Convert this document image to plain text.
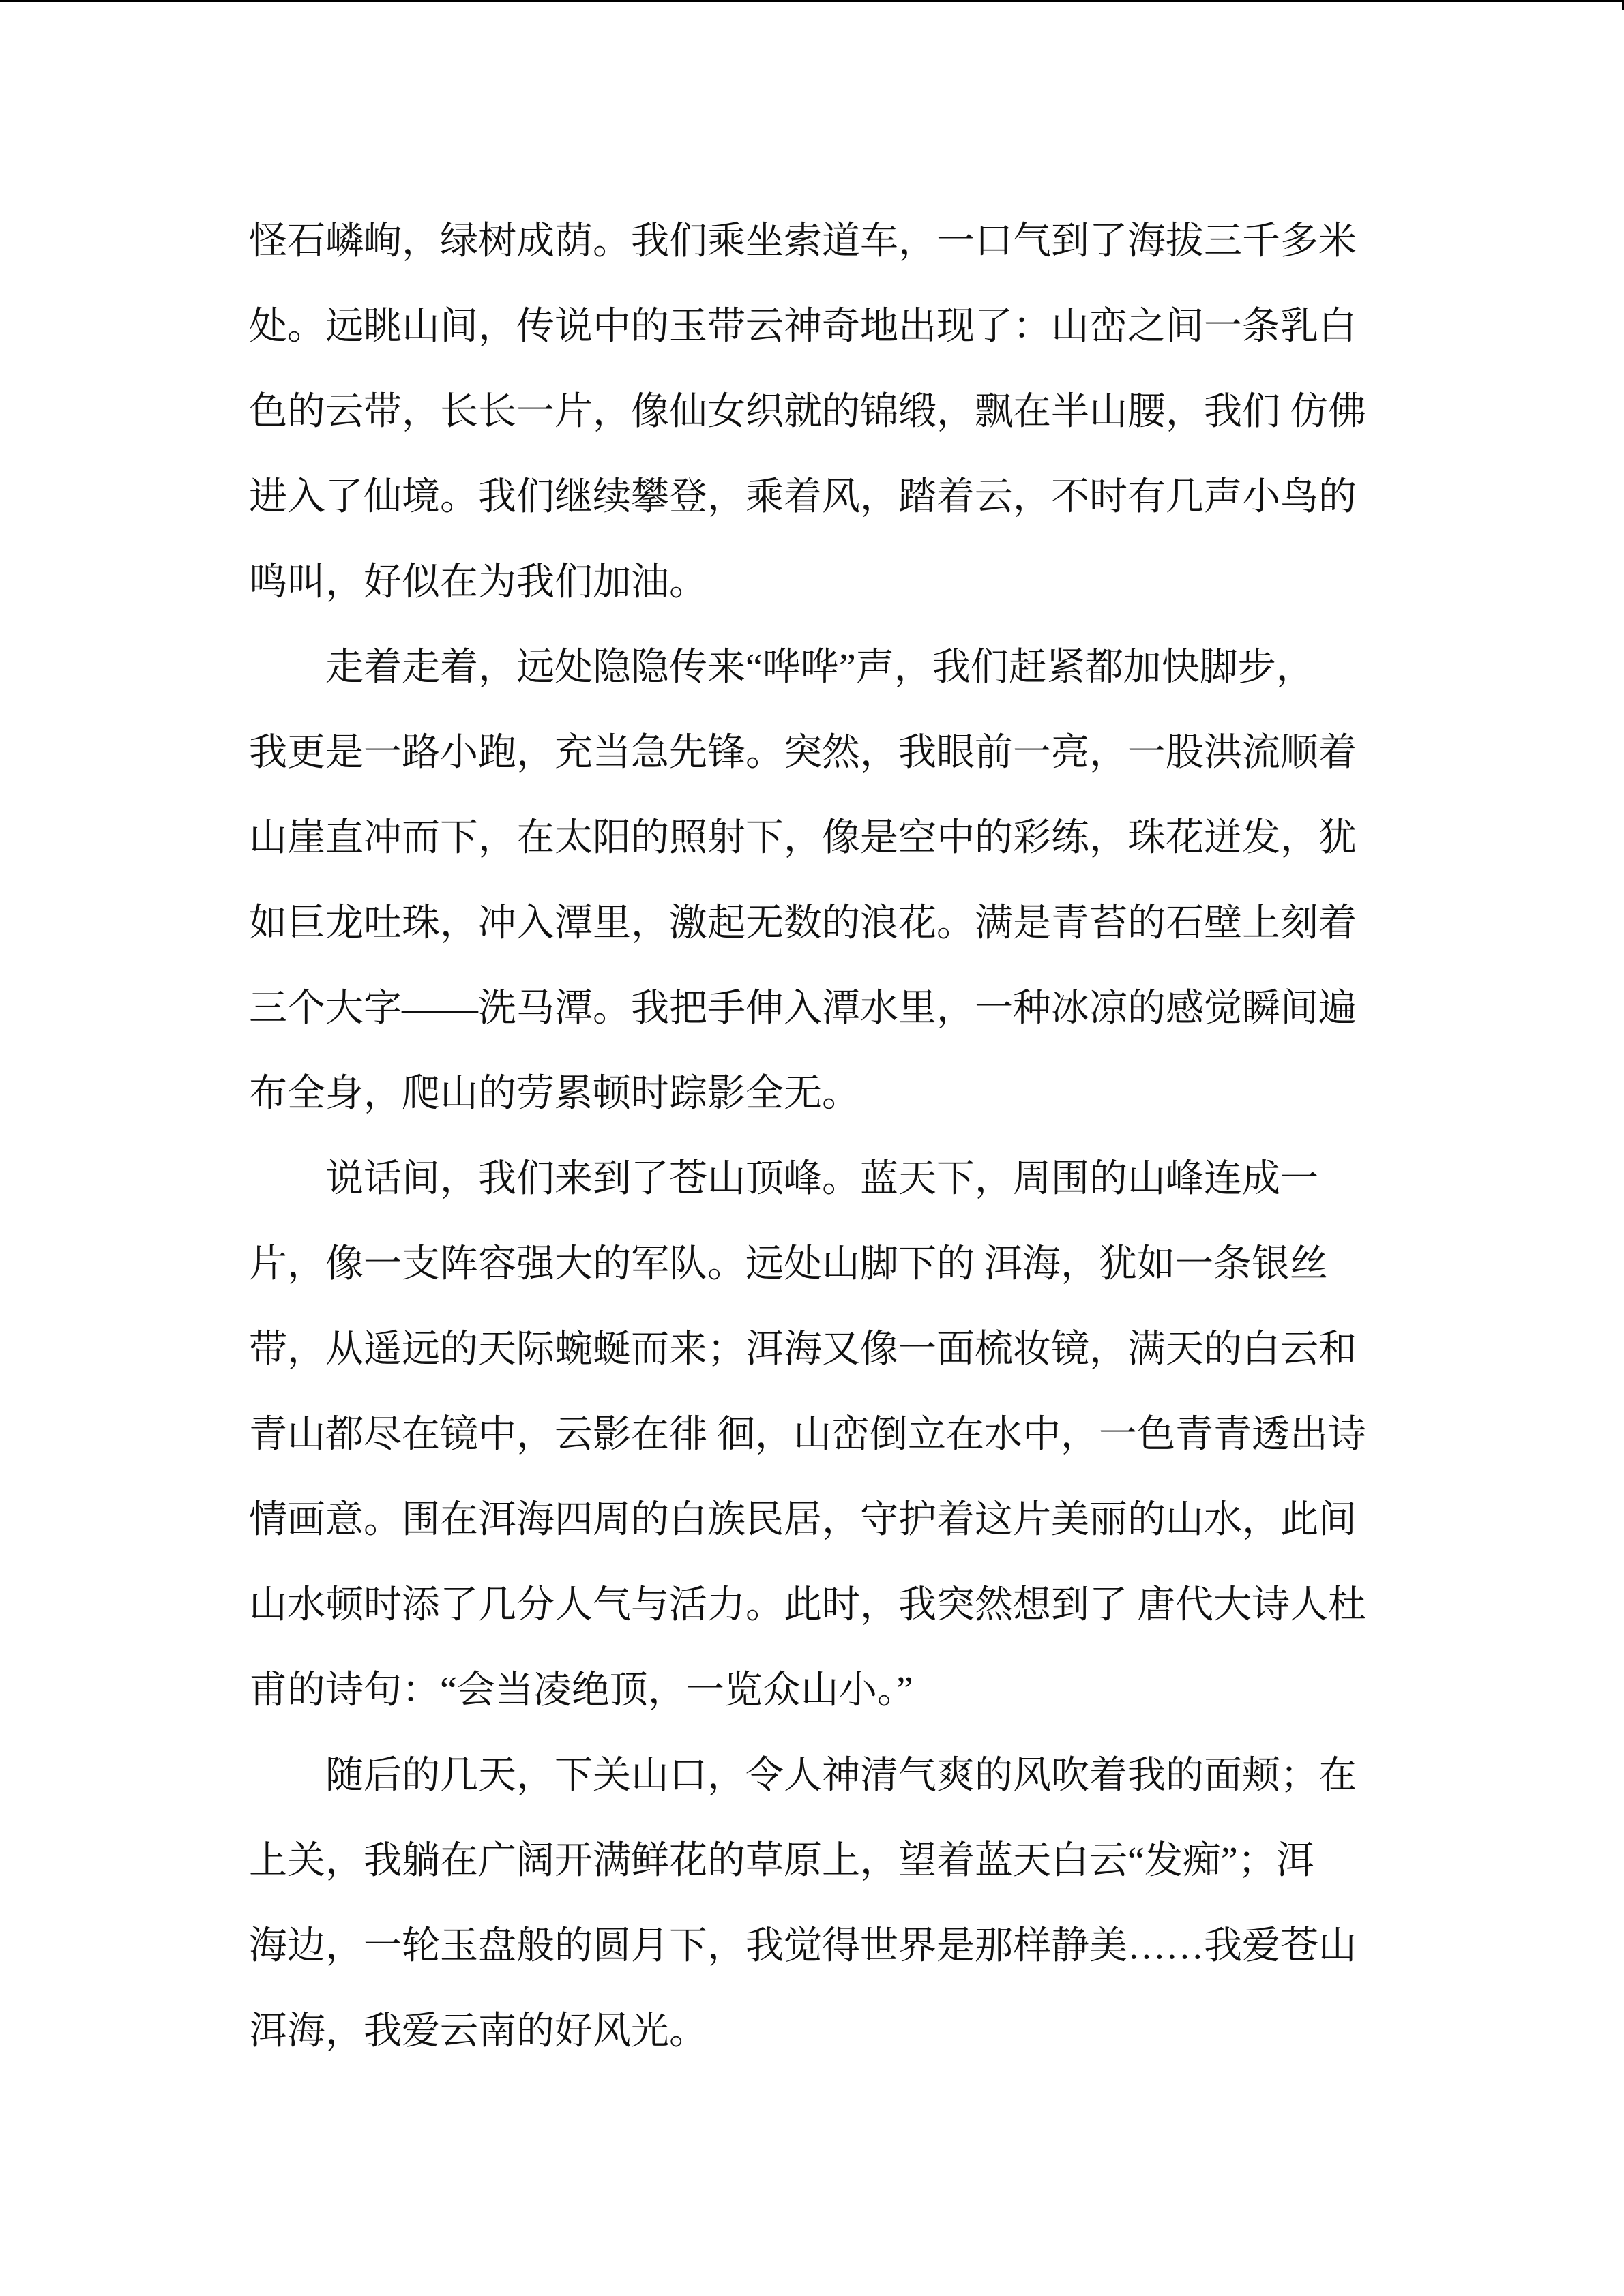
怪石嶙峋，绿树成荫。我们乘坐索道车，一口气到了海拔三千多米
处。远眺山间，传说中的玉带云神奇地出现了：山峦之间一条乳白
色的云带，长长一片，像仙女织就的锦缎，飘在半山腰，我们 仿佛
进入了仙境。我们继续攀登，乘着风，踏着云，不时有几声小鸟的
鸣叫，好似在为我们加油。
走着走着，远处隐隐传来“哗哗”声，我们赶紧都加快脚步，
我更是一路小跑，充当急先锋。突然，我眼前一亮，一股洪流顺着
山崖直冲而下，在太阳的照射下，像是空中的彩练，珠花迸发，犹
如巨龙吐珠，冲入潭里，激起无数的浪花。满是青苔的石壁上刻着
三个大字——洗马潭。我把手伸入潭水里，一种冰凉的感觉瞬间遍
布全身，爬山的劳累顿时踪影全无。
说话间，我们来到了苍山顶峰。蓝天下，周围的山峰连成一
片，像一支阵容强大的军队。远处山脚下的 洱海，犹如一条银丝
带，从遥远的天际蜿蜒而来；洱海又像一面梳妆镜，满天的白云和
青山都尽在镜中，云影在徘 徊，山峦倒立在水中，一色青青透出诗
情画意。围在洱海四周的白族民居，守护着这片美丽的山水，此间
山水顿时添了几分人气与活力。此时，我突然想到了 唐代大诗人杜
甫的诗句：“会当凌绝顶，一览众山小。”
随后的几天，下关山口，令人神清气爽的风吹着我的面颊；在
上关，我躺在广阔开满鲜花的草原上，望着蓝天白云“发痴”；洱
海边，一轮玉盘般的圆月下，我觉得世界是那样静美……我爱苍山
洱海，我爱云南的好风光。
